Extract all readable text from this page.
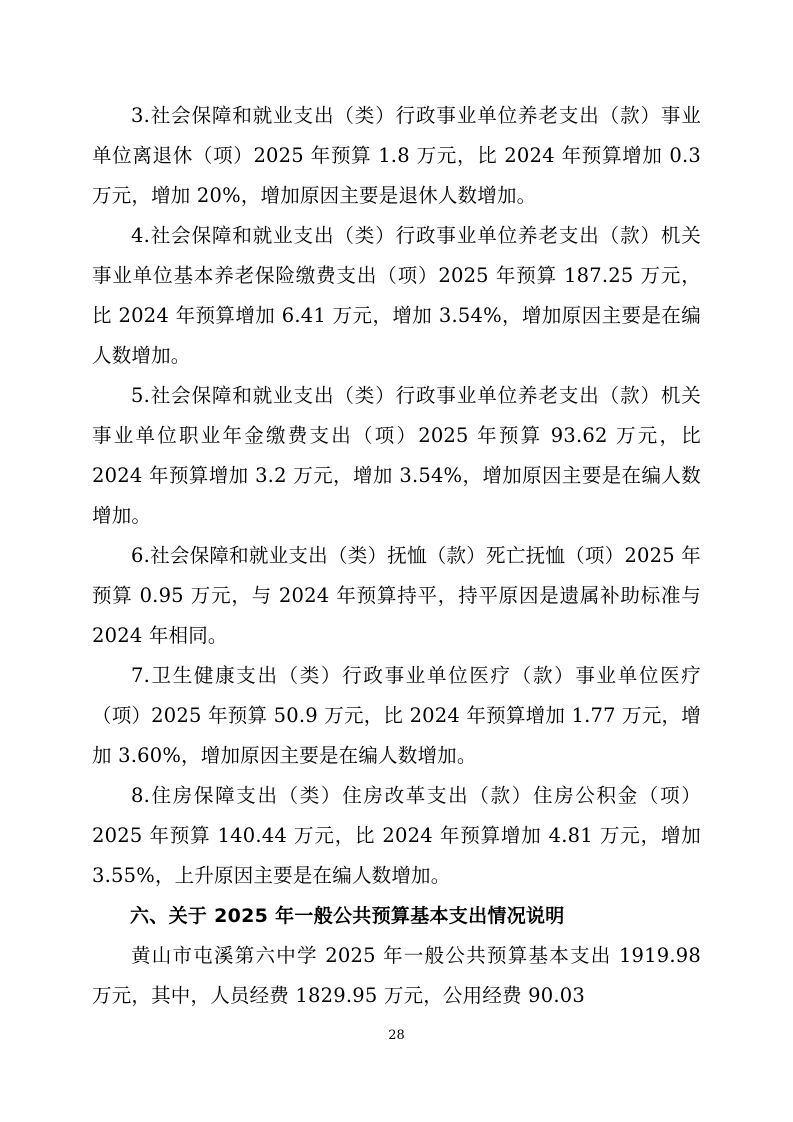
3.社会保障和就业支出（类）行政事业单位养老支出（款）事业单位离退休（项）2025 年预算 1.8 万元，比 2024 年预算增加 0.3 万元，增加 20%，增加原因主要是退休人数增加。

4.社会保障和就业支出（类）行政事业单位养老支出（款）机关事业单位基本养老保险缴费支出（项）2025 年预算 187.25 万元，比 2024 年预算增加 6.41 万元，增加 3.54%，增加原因主要是在编人数增加。

5.社会保障和就业支出（类）行政事业单位养老支出（款）机关事业单位职业年金缴费支出（项）2025 年预算 93.62 万元，比 2024 年预算增加 3.2 万元，增加 3.54%，增加原因主要是在编人数增加。

6.社会保障和就业支出（类）抚恤（款）死亡抚恤（项）2025 年预算 0.95 万元，与 2024 年预算持平，持平原因是遗属补助标准与 2024 年相同。

7.卫生健康支出（类）行政事业单位医疗（款）事业单位医疗（项）2025 年预算 50.9 万元，比 2024 年预算增加 1.77 万元，增加 3.60%，增加原因主要是在编人数增加。

8.住房保障支出（类）住房改革支出（款）住房公积金（项）2025 年预算 140.44 万元，比 2024 年预算增加 4.81 万元，增加 3.55%，上升原因主要是在编人数增加。

六、关于 2025 年一般公共预算基本支出情况说明

黄山市屯溪第六中学 2025 年一般公共预算基本支出 1919.98 万元，其中，人员经费 1829.95 万元，公用经费 90.03

28
